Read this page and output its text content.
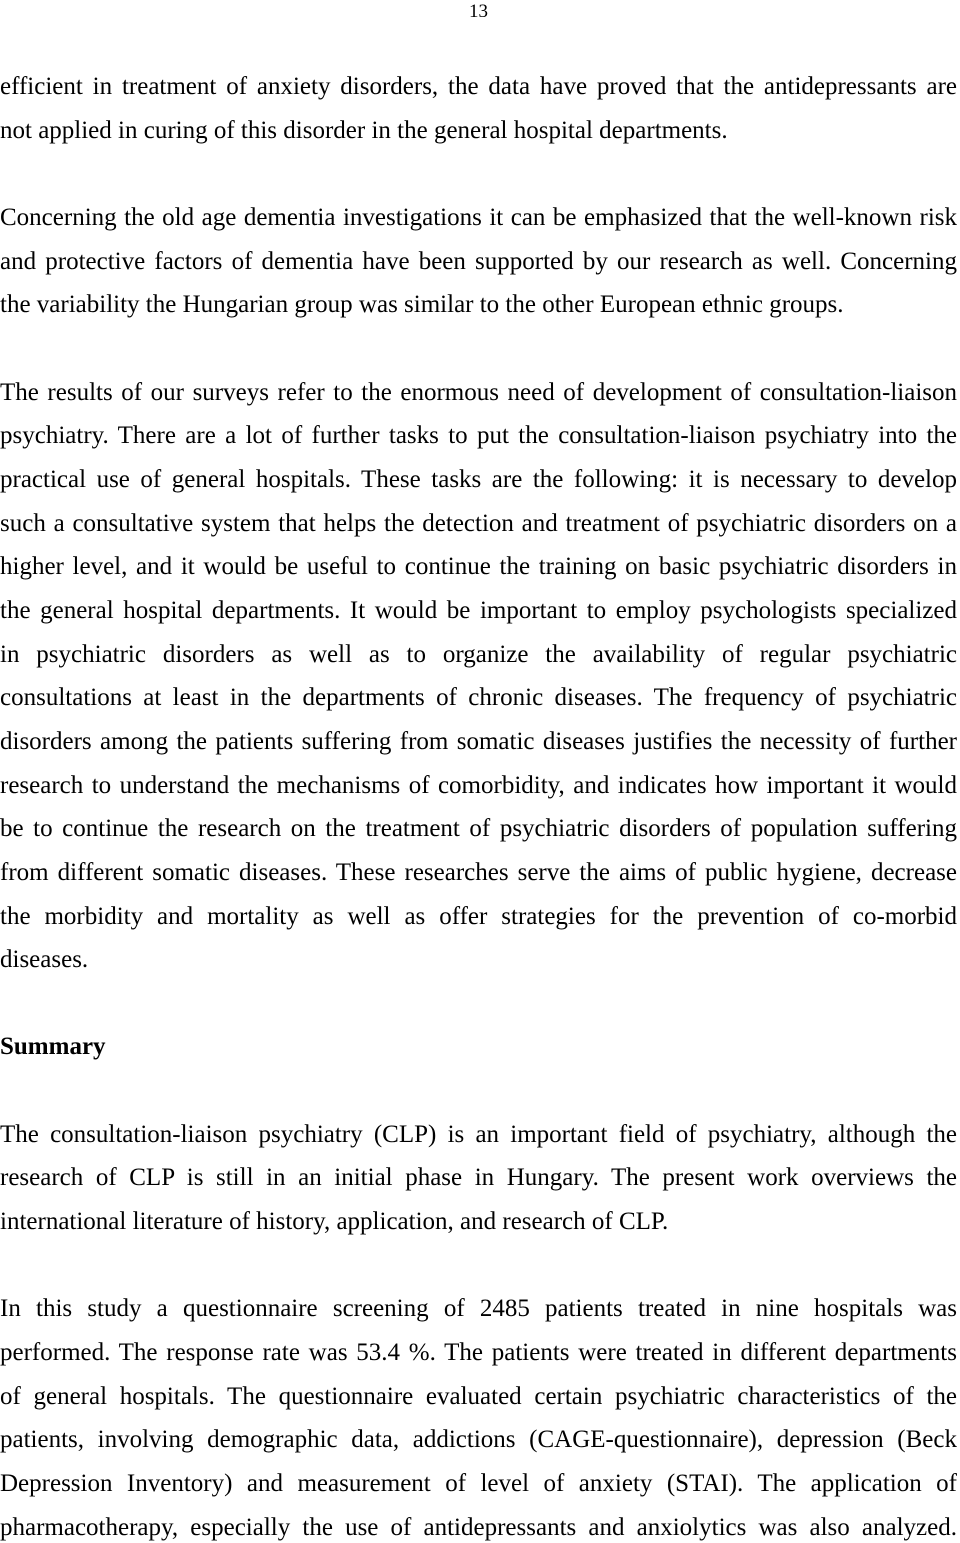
13
efficient in treatment of anxiety disorders, the data have proved that the antidepressants are
not applied in curing of this disorder in the general hospital departments.
Concerning the old age dementia investigations it can be emphasized that the well-known risk
and protective factors of dementia have been supported by our research as well. Concerning
the variability the Hungarian group was similar to the other European ethnic groups.
The results of our surveys refer to the enormous need of development of consultation-liaison
psychiatry. There are a lot of further tasks to put the consultation-liaison psychiatry into the
practical use of general hospitals. These tasks are the following: it is necessary to develop
such a consultative system that helps the detection and treatment of psychiatric disorders on a
higher level, and it would be useful to continue the training on basic psychiatric disorders in
the general hospital departments. It would be important to employ psychologists specialized
in psychiatric disorders as well as to organize the availability of regular psychiatric
consultations at least in the departments of chronic diseases. The frequency of psychiatric
disorders among the patients suffering from somatic diseases justifies the necessity of further
research to understand the mechanisms of comorbidity, and indicates how important it would
be to continue the research on the treatment of psychiatric disorders of population suffering
from different somatic diseases. These researches serve the aims of public hygiene, decrease
the morbidity and mortality as well as offer strategies for the prevention of co-morbid
diseases.
Summary
The consultation-liaison psychiatry (CLP) is an important field of psychiatry, although the
research of CLP is still in an initial phase in Hungary. The present work overviews the
international literature of history, application, and research of CLP.
In this study a questionnaire screening of 2485 patients treated in nine hospitals was
performed. The response rate was 53.4 %. The patients were treated in different departments
of general hospitals. The questionnaire evaluated certain psychiatric characteristics of the
patients, involving demographic data, addictions (CAGE-questionnaire), depression (Beck
Depression Inventory) and measurement of level of anxiety (STAI). The application of
pharmacotherapy, especially the use of antidepressants and anxiolytics was also analyzed.
